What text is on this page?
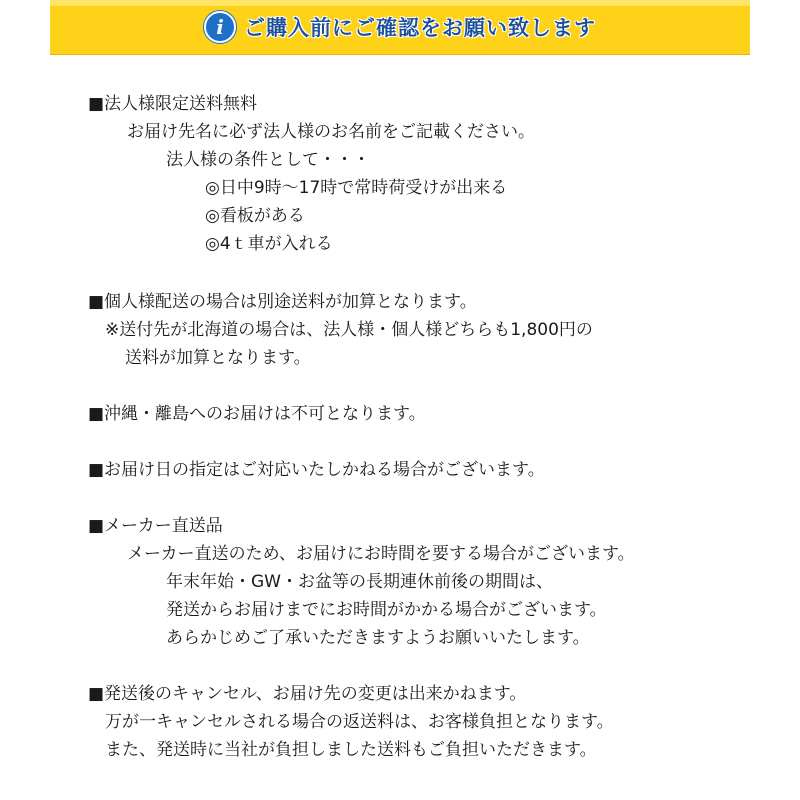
i ご購入前にご確認をお願い致します
■法人様限定送料無料
お届け先名に必ず法人様のお名前をご記載ください。
法人様の条件として・・・
◎日中9時～17時で常時荷受けが出来る
◎看板がある
◎4ｔ車が入れる
■個人様配送の場合は別途送料が加算となります。
※送付先が北海道の場合は、法人様・個人様どちらも1,800円の
送料が加算となります。
■沖縄・離島へのお届けは不可となります。
■お届け日の指定はご対応いたしかねる場合がございます。
■メーカー直送品
メーカー直送のため、お届けにお時間を要する場合がございます。
年末年始・GW・お盆等の長期連休前後の期間は、
発送からお届けまでにお時間がかかる場合がございます。
あらかじめご了承いただきますようお願いいたします。
■発送後のキャンセル、お届け先の変更は出来かねます。
万が一キャンセルされる場合の返送料は、お客様負担となります。
また、発送時に当社が負担しました送料もご負担いただきます。
